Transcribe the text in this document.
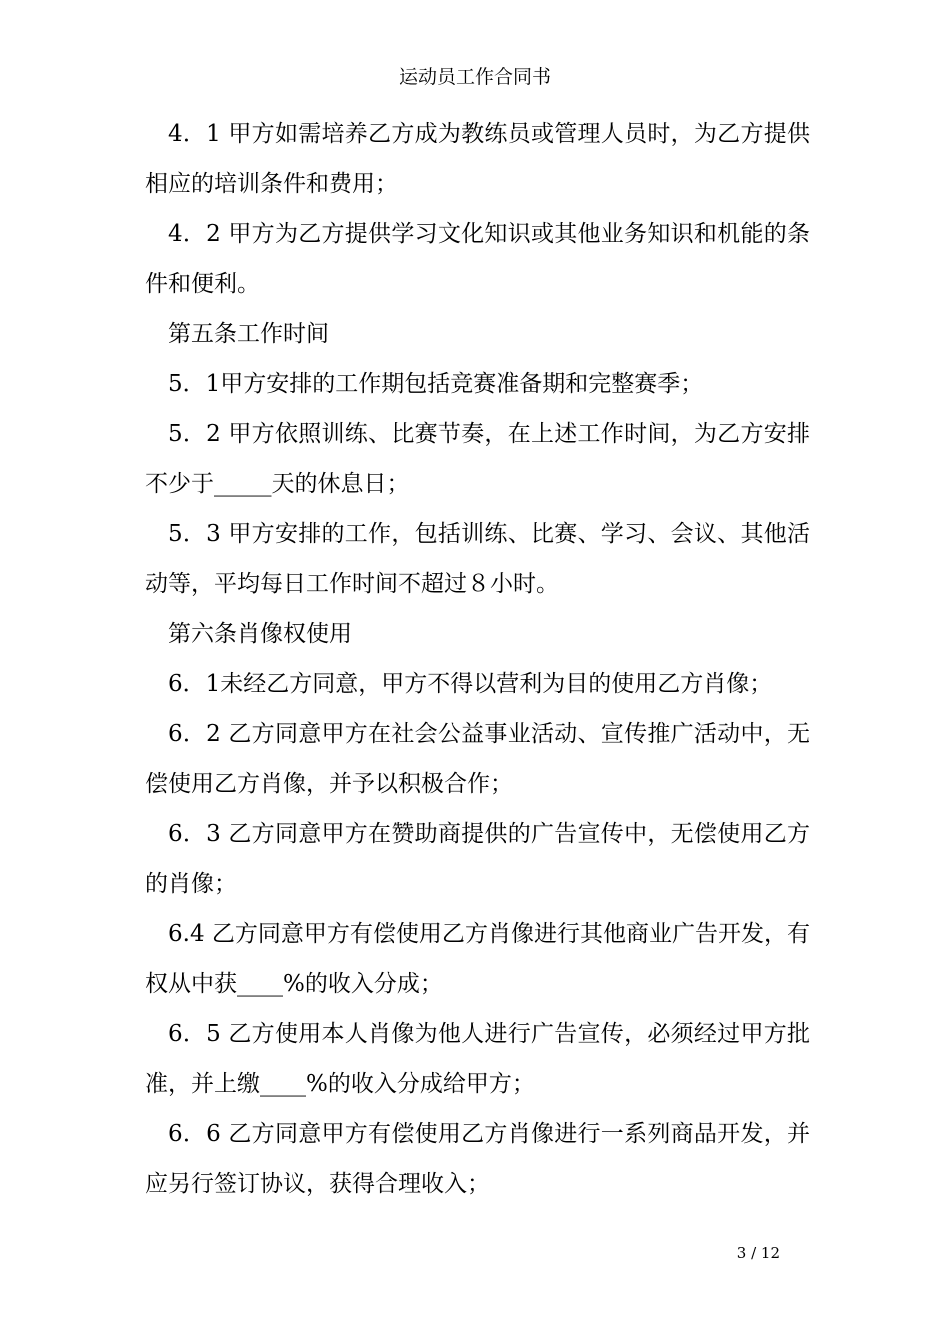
运动员工作合同书

4．1 甲方如需培养乙方成为教练员或管理人员时，为乙方提供相应的培训条件和费用；

4．2 甲方为乙方提供学习文化知识或其他业务知识和机能的条件和便利。

第五条工作时间

5．1甲方安排的工作期包括竞赛准备期和完整赛季；

5．2 甲方依照训练、比赛节奏，在上述工作时间，为乙方安排不少于_____天的休息日；

5．3 甲方安排的工作，包括训练、比赛、学习、会议、其他活动等，平均每日工作时间不超过８小时。

第六条肖像权使用

6．1未经乙方同意，甲方不得以营利为目的使用乙方肖像；

6．2 乙方同意甲方在社会公益事业活动、宣传推广活动中，无偿使用乙方肖像，并予以积极合作；

6．3 乙方同意甲方在赞助商提供的广告宣传中，无偿使用乙方的肖像；

6.4 乙方同意甲方有偿使用乙方肖像进行其他商业广告开发，有权从中获____%的收入分成；

6．5 乙方使用本人肖像为他人进行广告宣传，必须经过甲方批准，并上缴____%的收入分成给甲方；

6．6 乙方同意甲方有偿使用乙方肖像进行一系列商品开发，并应另行签订协议，获得合理收入；

3 / 12
